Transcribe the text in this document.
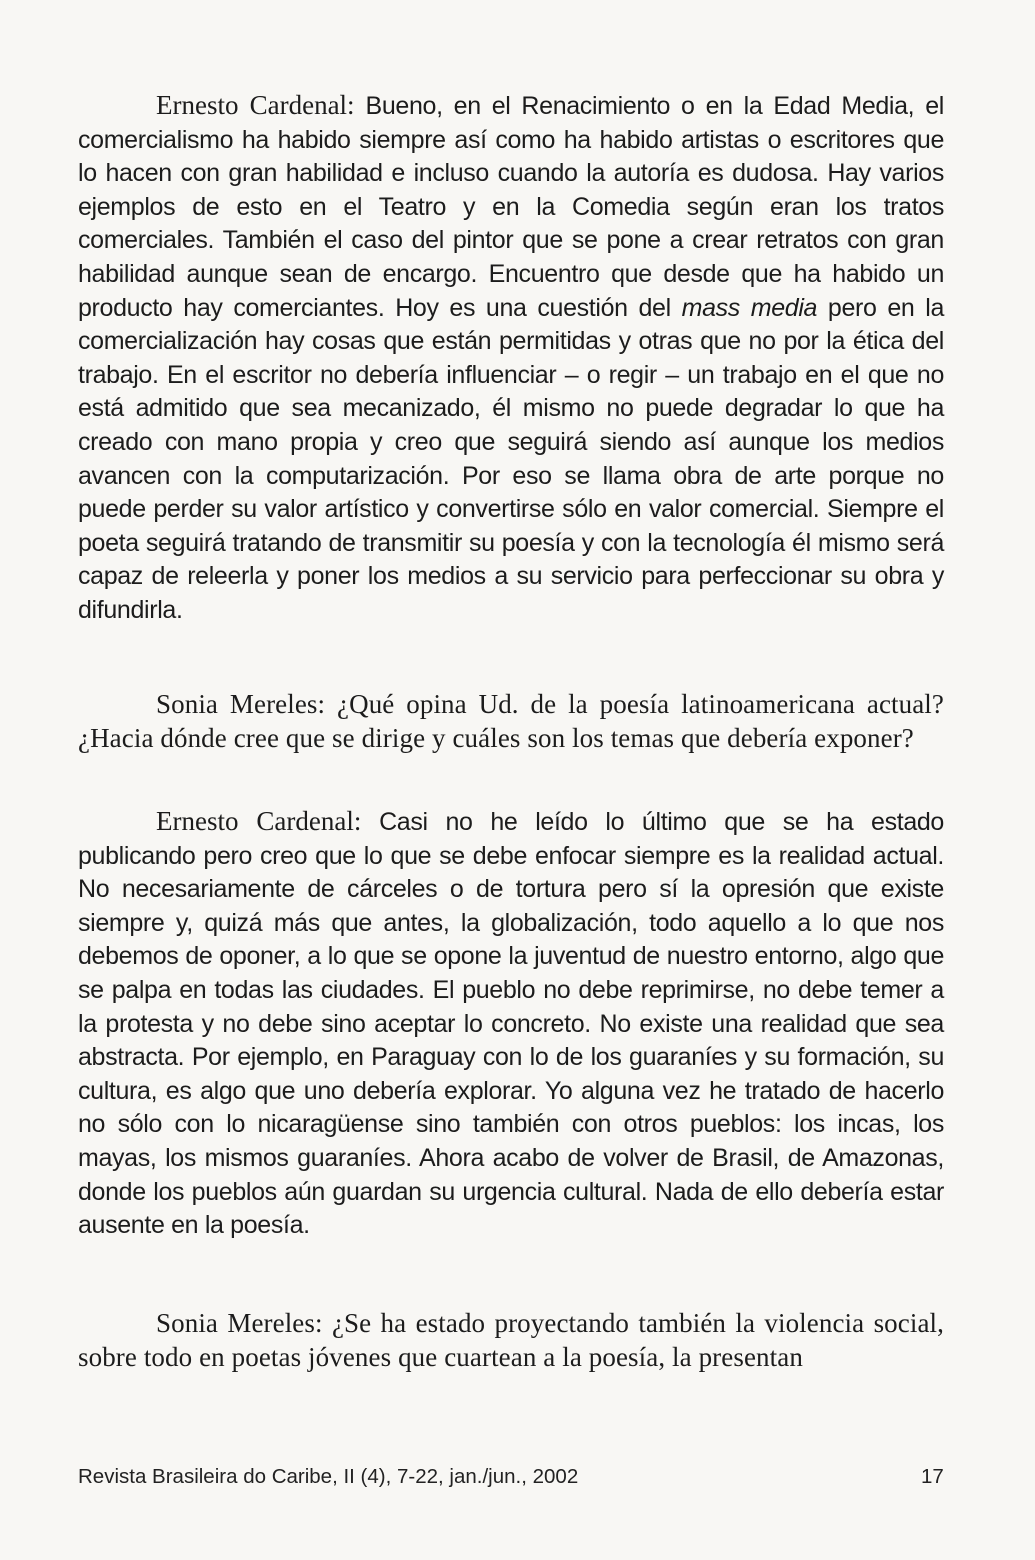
Ernesto Cardenal: Bueno, en el Renacimiento o en la Edad Media, el comercialismo ha habido siempre así como ha habido artistas o escritores que lo hacen con gran habilidad e incluso cuando la autoría es dudosa. Hay varios ejemplos de esto en el Teatro y en la Comedia según eran los tratos comerciales. También el caso del pintor que se pone a crear retratos con gran habilidad aunque sean de encargo. Encuentro que desde que ha habido un producto hay comerciantes. Hoy es una cuestión del mass media pero en la comercialización hay cosas que están permitidas y otras que no por la ética del trabajo. En el escritor no debería influenciar – o regir – un trabajo en el que no está admitido que sea mecanizado, él mismo no puede degradar lo que ha creado con mano propia y creo que seguirá siendo así aunque los medios avancen con la computarización. Por eso se llama obra de arte porque no puede perder su valor artístico y convertirse sólo en valor comercial. Siempre el poeta seguirá tratando de transmitir su poesía y con la tecnología él mismo será capaz de releerla y poner los medios a su servicio para perfeccionar su obra y difundirla.

Sonia Mereles: ¿Qué opina Ud. de la poesía latinoamericana actual? ¿Hacia dónde cree que se dirige y cuáles son los temas que debería exponer?

Ernesto Cardenal: Casi no he leído lo último que se ha estado publicando pero creo que lo que se debe enfocar siempre es la realidad actual. No necesariamente de cárceles o de tortura pero sí la opresión que existe siempre y, quizá más que antes, la globalización, todo aquello a lo que nos debemos de oponer, a lo que se opone la juventud de nuestro entorno, algo que se palpa en todas las ciudades. El pueblo no debe reprimirse, no debe temer a la protesta y no debe sino aceptar lo concreto. No existe una realidad que sea abstracta. Por ejemplo, en Paraguay con lo de los guaraníes y su formación, su cultura, es algo que uno debería explorar. Yo alguna vez he tratado de hacerlo no sólo con lo nicaragüense sino también con otros pueblos: los incas, los mayas, los mismos guaraníes. Ahora acabo de volver de Brasil, de Amazonas, donde los pueblos aún guardan su urgencia cultural. Nada de ello debería estar ausente en la poesía.

Sonia Mereles: ¿Se ha estado proyectando también la violencia social, sobre todo en poetas jóvenes que cuartean a la poesía, la presentan

Revista Brasileira do Caribe, II (4), 7-22, jan./jun., 2002	17
